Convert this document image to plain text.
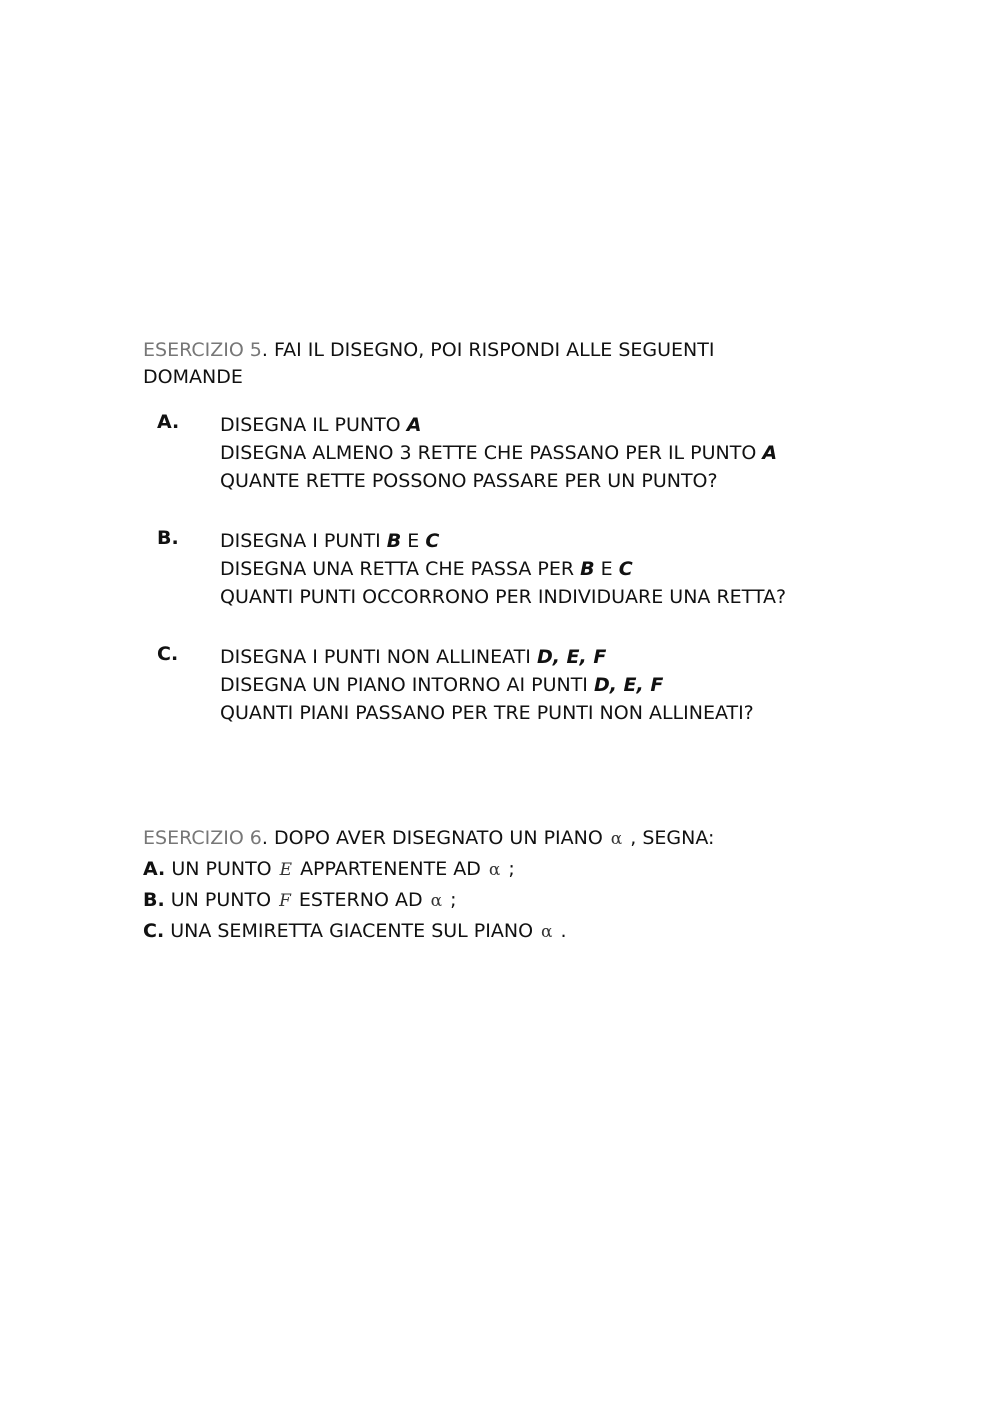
ESERCIZIO 5. FAI IL DISEGNO, POI RISPONDI ALLE SEGUENTI
DOMANDE
A. DISEGNA IL PUNTO A
DISEGNA ALMENO 3 RETTE CHE PASSANO PER IL PUNTO A
QUANTE RETTE POSSONO PASSARE PER UN PUNTO?
B. DISEGNA I PUNTI B E C
DISEGNA UNA RETTA CHE PASSA PER B E C
QUANTI PUNTI OCCORRONO PER INDIVIDUARE UNA RETTA?
C. DISEGNA I PUNTI NON ALLINEATI D, E, F
DISEGNA UN PIANO INTORNO AI PUNTI D, E, F
QUANTI PIANI PASSANO PER TRE PUNTI NON ALLINEATI?
ESERCIZIO 6. DOPO AVER DISEGNATO UN PIANO α , SEGNA:
A. UN PUNTO E APPARTENENTE AD α ;
B. UN PUNTO F ESTERNO AD α ;
C. UNA SEMIRETTA GIACENTE SUL PIANO α .
